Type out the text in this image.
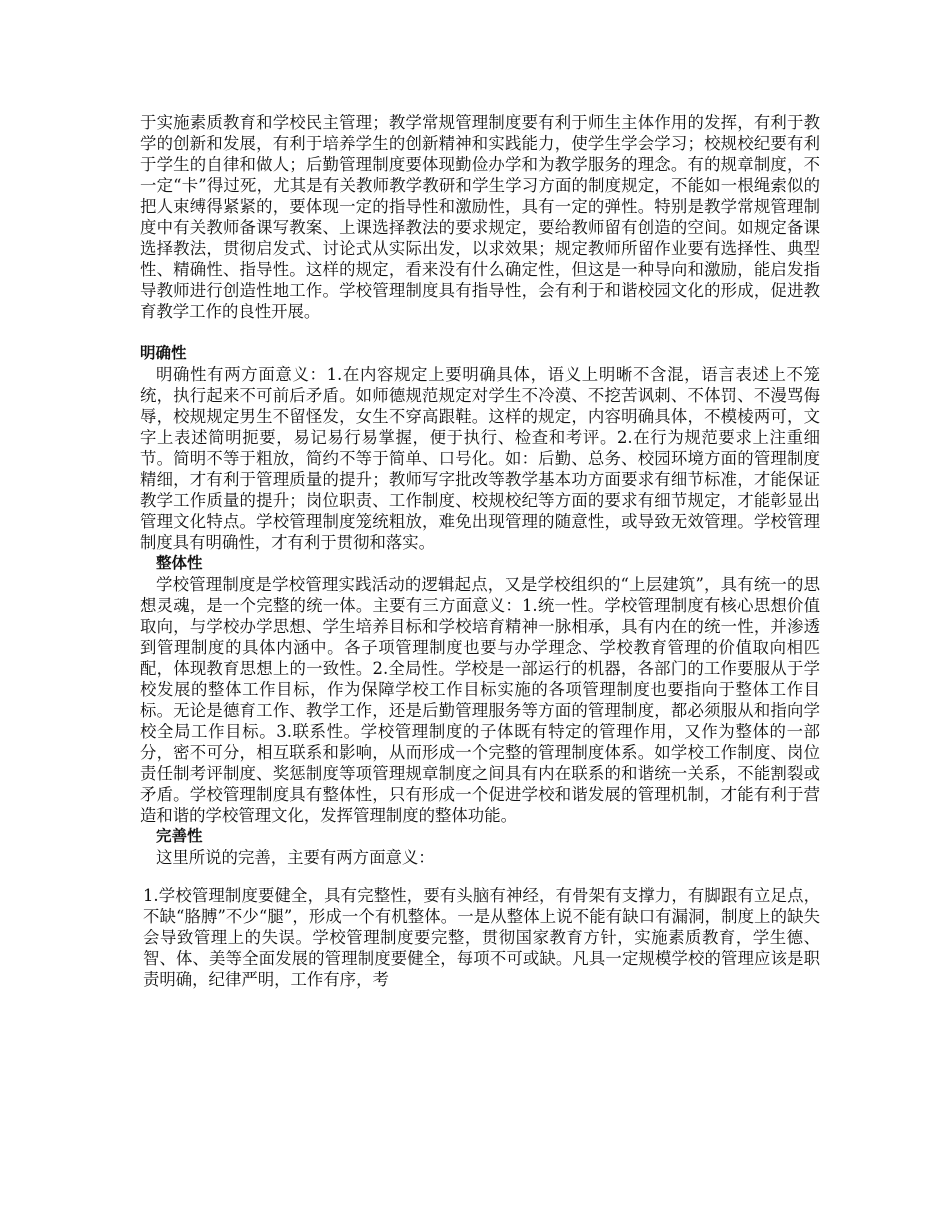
于实施素质教育和学校民主管理；教学常规管理制度要有利于师生主体作用的发挥，有利于教学的创新和发展，有利于培养学生的创新精神和实践能力，使学生学会学习；校规校纪要有利于学生的自律和做人；后勤管理制度要体现勤俭办学和为教学服务的理念。有的规章制度，不一定“卡”得过死，尤其是有关教师教学教研和学生学习方面的制度规定，不能如一根绳索似的把人束缚得紧紧的，要体现一定的指导性和激励性，具有一定的弹性。特别是教学常规管理制度中有关教师备课写教案、上课选择教法的要求规定，要给教师留有创造的空间。如规定备课选择教法，贯彻启发式、讨论式从实际出发，以求效果；规定教师所留作业要有选择性、典型性、精确性、指导性。这样的规定，看来没有什么确定性，但这是一种导向和激励，能启发指导教师进行创造性地工作。学校管理制度具有指导性，会有利于和谐校园文化的形成，促进教育教学工作的良性开展。

明确性

明确性有两方面意义：1.在内容规定上要明确具体，语义上明晰不含混，语言表述上不笼统，执行起来不可前后矛盾。如师德规范规定对学生不冷漠、不挖苦讽刺、不体罚、不漫骂侮辱，校规规定男生不留怪发，女生不穿高跟鞋。这样的规定，内容明确具体，不模棱两可，文字上表述简明扼要，易记易行易掌握，便于执行、检查和考评。2.在行为规范要求上注重细节。简明不等于粗放，简约不等于简单、口号化。如：后勤、总务、校园环境方面的管理制度精细，才有利于管理质量的提升；教师写字批改等教学基本功方面要求有细节标准，才能保证教学工作质量的提升；岗位职责、工作制度、校规校纪等方面的要求有细节规定，才能彰显出管理文化特点。学校管理制度笼统粗放，难免出现管理的随意性，或导致无效管理。学校管理制度具有明确性，才有利于贯彻和落实。

整体性

学校管理制度是学校管理实践活动的逻辑起点，又是学校组织的“上层建筑”，具有统一的思想灵魂，是一个完整的统一体。主要有三方面意义：1.统一性。学校管理制度有核心思想价值取向，与学校办学思想、学生培养目标和学校培育精神一脉相承，具有内在的统一性，并渗透到管理制度的具体内涵中。各子项管理制度也要与办学理念、学校教育管理的价值取向相匹配，体现教育思想上的一致性。2.全局性。学校是一部运行的机器，各部门的工作要服从于学校发展的整体工作目标，作为保障学校工作目标实施的各项管理制度也要指向于整体工作目标。无论是德育工作、教学工作，还是后勤管理服务等方面的管理制度，都必须服从和指向学校全局工作目标。3.联系性。学校管理制度的子体既有特定的管理作用，又作为整体的一部分，密不可分，相互联系和影响，从而形成一个完整的管理制度体系。如学校工作制度、岗位责任制考评制度、奖惩制度等项管理规章制度之间具有内在联系的和谐统一关系，不能割裂或矛盾。学校管理制度具有整体性，只有形成一个促进学校和谐发展的管理机制，才能有利于营造和谐的学校管理文化，发挥管理制度的整体功能。

完善性

这里所说的完善，主要有两方面意义：

1.学校管理制度要健全，具有完整性，要有头脑有神经，有骨架有支撑力，有脚跟有立足点，不缺“胳膊”不少“腿”，形成一个有机整体。一是从整体上说不能有缺口有漏洞，制度上的缺失会导致管理上的失误。学校管理制度要完整，贯彻国家教育方针，实施素质教育，学生德、智、体、美等全面发展的管理制度要健全，每项不可或缺。凡具一定规模学校的管理应该是职责明确，纪律严明，工作有序，考
